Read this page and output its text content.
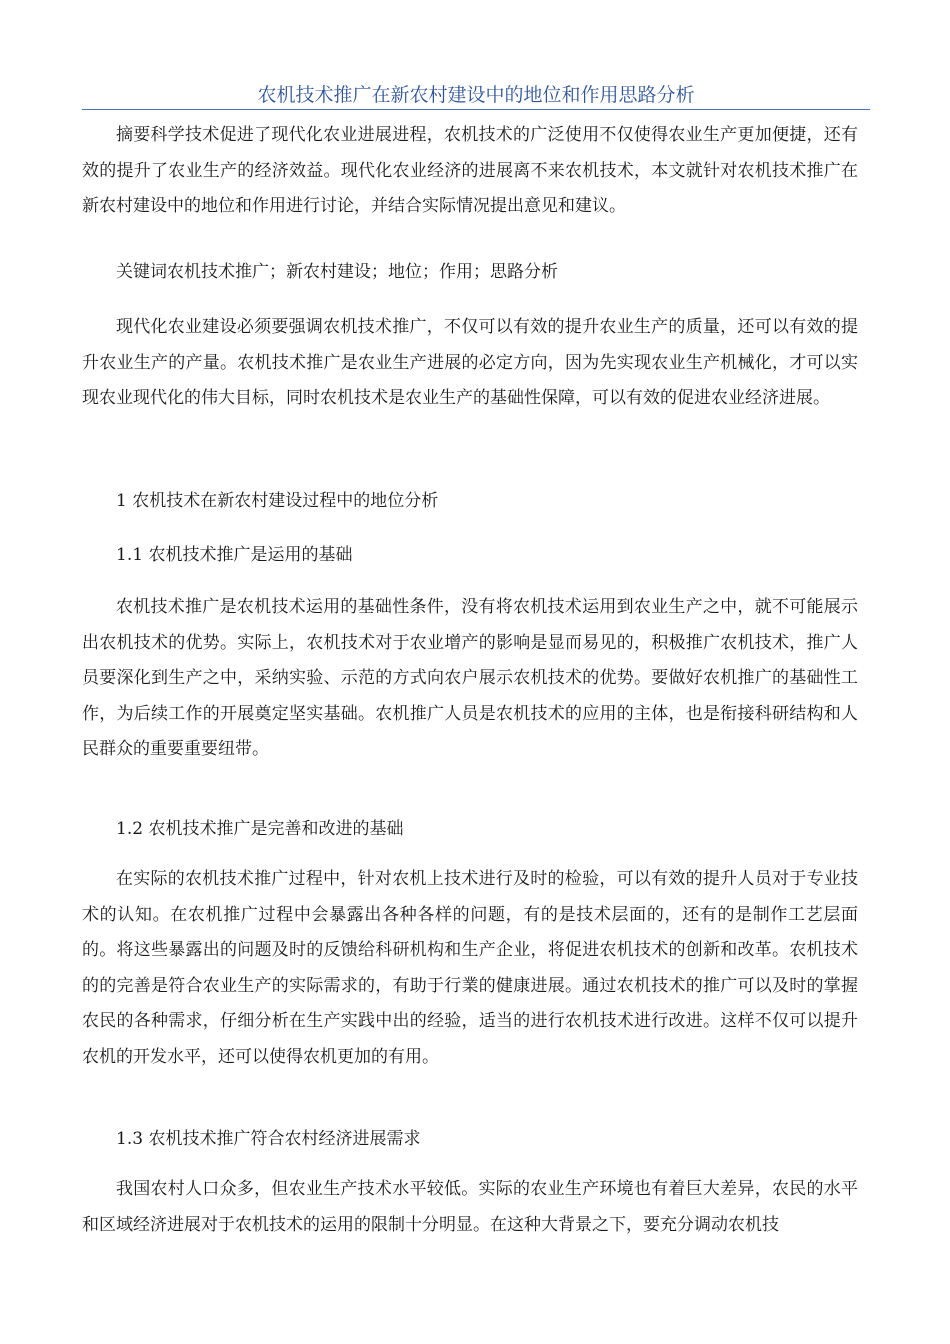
农机技术推广在新农村建设中的地位和作用思路分析

摘要科学技术促进了现代化农业进展进程，农机技术的广泛使用不仅使得农业生产更加便捷，还有效的提升了农业生产的经济效益。现代化农业经济的进展离不来农机技术，本文就针对农机技术推广在新农村建设中的地位和作用进行讨论，并结合实际情况提出意见和建议。

关键词农机技术推广；新农村建设；地位；作用；思路分析

现代化农业建设必须要强调农机技术推广，不仅可以有效的提升农业生产的质量，还可以有效的提升农业生产的产量。农机技术推广是农业生产进展的必定方向，因为先实现农业生产机械化，才可以实现农业现代化的伟大目标，同时农机技术是农业生产的基础性保障，可以有效的促进农业经济进展。

1 农机技术在新农村建设过程中的地位分析

1.1 农机技术推广是运用的基础

农机技术推广是农机技术运用的基础性条件，没有将农机技术运用到农业生产之中，就不可能展示出农机技术的优势。实际上，农机技术对于农业增产的影响是显而易见的，积极推广农机技术，推广人员要深化到生产之中，采纳实验、示范的方式向农户展示农机技术的优势。要做好农机推广的基础性工作，为后续工作的开展奠定坚实基础。农机推广人员是农机技术的应用的主体，也是衔接科研结构和人民群众的重要重要纽带。

1.2 农机技术推广是完善和改进的基础

在实际的农机技术推广过程中，针对农机上技术进行及时的检验，可以有效的提升人员对于专业技术的认知。在农机推广过程中会暴露出各种各样的问题，有的是技术层面的，还有的是制作工艺层面的。将这些暴露出的问题及时的反馈给科研机构和生产企业，将促进农机技术的创新和改革。农机技术的的完善是符合农业生产的实际需求的，有助于行業的健康进展。通过农机技术的推广可以及时的掌握农民的各种需求，仔细分析在生产实践中出的经验，适当的进行农机技术进行改进。这样不仅可以提升农机的开发水平，还可以使得农机更加的有用。

1.3 农机技术推广符合农村经济进展需求

我国农村人口众多，但农业生产技术水平较低。实际的农业生产环境也有着巨大差异，农民的水平和区域经济进展对于农机技术的运用的限制十分明显。在这种大背景之下，要充分调动农机技
